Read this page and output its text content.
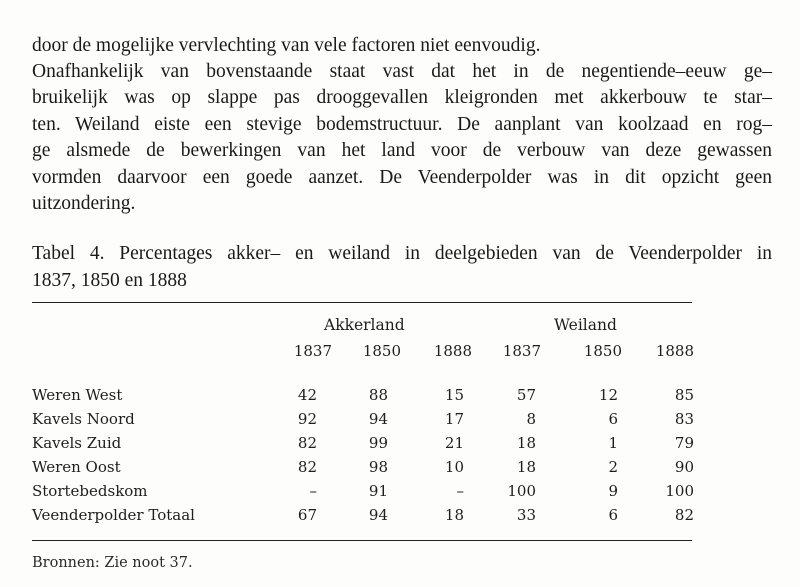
door de mogelijke vervlechting van vele factoren niet eenvoudig.
Onafhankelijk van bovenstaande staat vast dat het in de negentiende–eeuw ge–
bruikelijk was op slappe pas drooggevallen kleigronden met akkerbouw te star–
ten. Weiland eiste een stevige bodemstructuur. De aanplant van koolzaad en rog–
ge alsmede de bewerkingen van het land voor de verbouw van deze gewassen
vormden daarvoor een goede aanzet. De Veenderpolder was in dit opzicht geen
uitzondering.
Tabel 4. Percentages akker– en weiland in deelgebieden van de Veenderpolder in
1837, 1850 en 1888
Akkerland	Weiland
1837	1850	1888	1837	1850	1888
Weren West	42	88	15	57	12	85
Kavels Noord	92	94	17	8	6	83
Kavels Zuid	82	99	21	18	1	79
Weren Oost	82	98	10	18	2	90
Stortebedskom	–	91	–	100	9	100
Veenderpolder Totaal	67	94	18	33	6	82
Bronnen: Zie noot 37.
